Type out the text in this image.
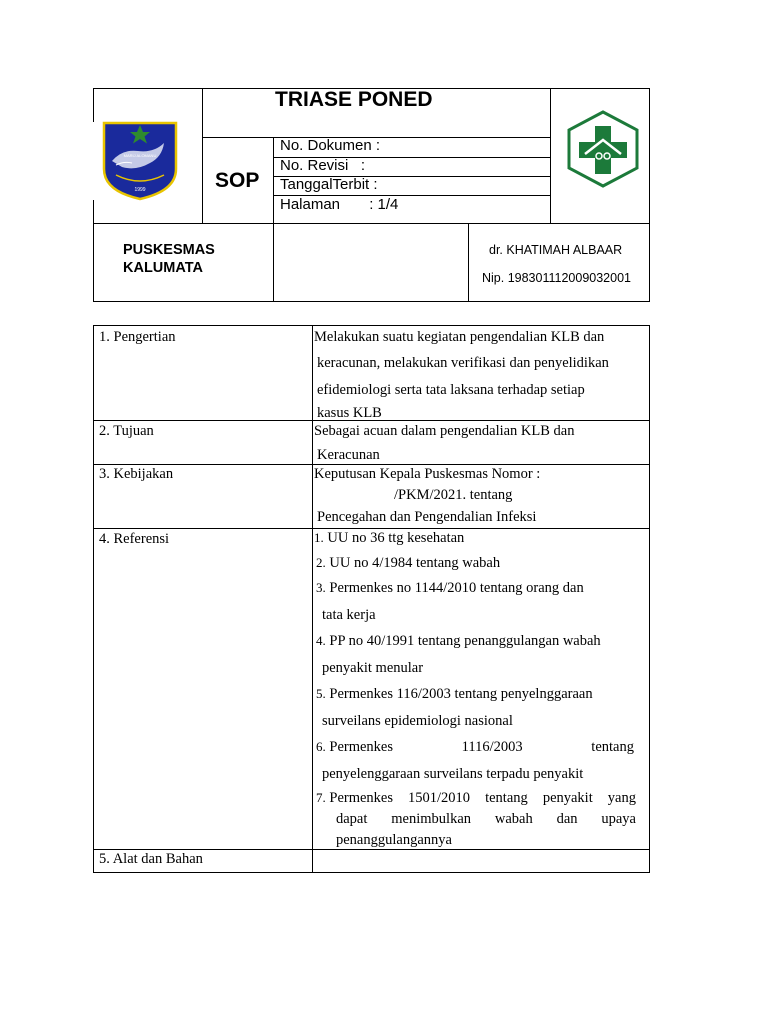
MARIJ ALOMANU
1999
TRIASE PONED
SOP
No. Dokumen :
No. Revisi   :
TanggalTerbit :
Halaman       : 1/4
PUSKESMAS KALUMATA
dr. KHATIMAH ALBAAR
Nip. 198301112009032001
1. Pengertian	Melakukan suatu kegiatan pengendalian KLB dan
keracunan, melakukan verifikasi dan penyelidikan
efidemiologi serta tata laksana terhadap setiap
kasus KLB
2. Tujuan	Sebagai acuan dalam pengendalian KLB dan
Keracunan
3. Kebijakan	Keputusan Kepala Puskesmas Nomor :
/PKM/2021. tentang
Pencegahan dan Pengendalian Infeksi
4. Referensi	1. UU no 36 ttg kesehatan
2. UU no 4/1984 tentang wabah
3. Permenkes no 1144/2010 tentang orang dan
tata kerja
4. PP no 40/1991 tentang penanggulangan wabah
penyakit menular
5. Permenkes 116/2003 tentang penyelnggaraan
surveilans epidemiologi nasional
6. Permenkes	1116/2003	tentang
penyelenggaraan surveilans terpadu penyakit
7. Permenkes 1501/2010 tentang penyakit yang
dapat menimbulkan wabah dan upaya
penanggulangannya
5. Alat dan Bahan
